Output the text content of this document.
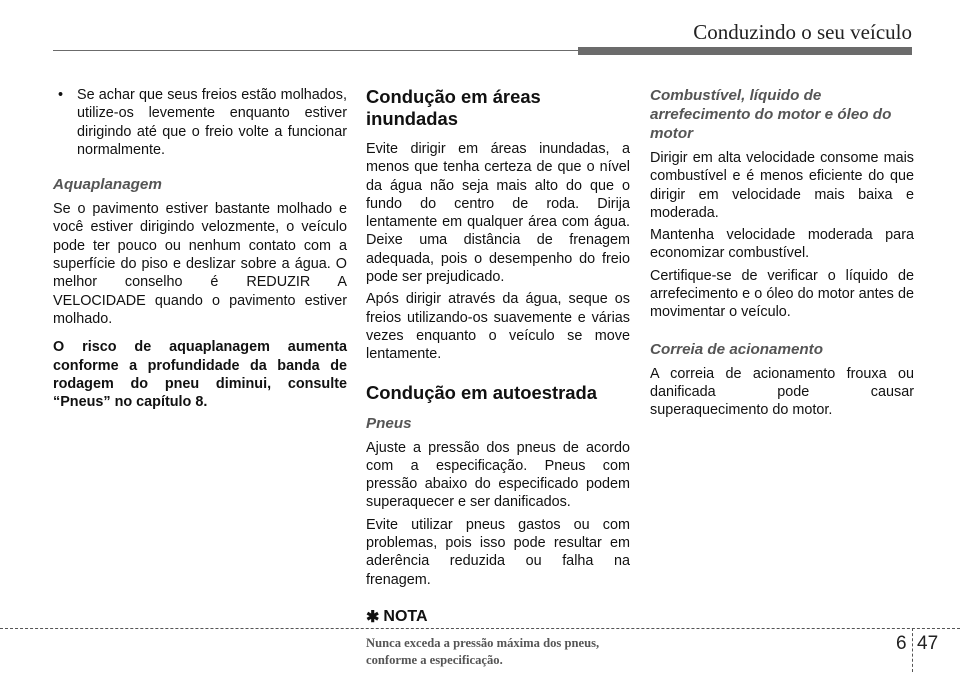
Conduzindo o seu veículo
• Se achar que seus freios estão molhados, utilize-os levemente enquanto estiver dirigindo até que o freio volte a funcionar normalmente.

Aquaplanagem

Se o pavimento estiver bastante molhado e você estiver dirigindo velozmente, o veículo pode ter pouco ou nenhum contato com a superfície do piso e deslizar sobre a água. O melhor conselho é REDUZIR A VELOCIDADE quando o pavimento estiver molhado.

O risco de aquaplanagem aumenta conforme a profundidade da banda de rodagem do pneu diminui, consulte “Pneus” no capítulo 8.

Condução em áreas inundadas

Evite dirigir em áreas inundadas, a menos que tenha certeza de que o nível da água não seja mais alto do que o fundo do centro de roda. Dirija lentamente em qualquer área com água. Deixe uma distância de frenagem adequada, pois o desempenho do freio pode ser prejudicado.

Após dirigir através da água, seque os freios utilizando-os suavemente e várias vezes enquanto o veículo se move lentamente.

Condução em autoestrada
Pneus

Ajuste a pressão dos pneus de acordo com a especificação. Pneus com pressão abaixo do especificado podem superaquecer e ser danificados.

Evite utilizar pneus gastos ou com problemas, pois isso pode resultar em aderência reduzida ou falha na frenagem.

✱ NOTA

Nunca exceda a pressão máxima dos pneus, conforme a especificação.

Combustível, líquido de arrefecimento do motor e óleo do motor

Dirigir em alta velocidade consome mais combustível e é menos eficiente do que dirigir em velocidade mais baixa e moderada.

Mantenha velocidade moderada para economizar combustível.

Certifique-se de verificar o líquido de arrefecimento e o óleo do motor antes de movimentar o veículo.

Correia de acionamento

A correia de acionamento frouxa ou danificada pode causar superaquecimento do motor.

6 47
